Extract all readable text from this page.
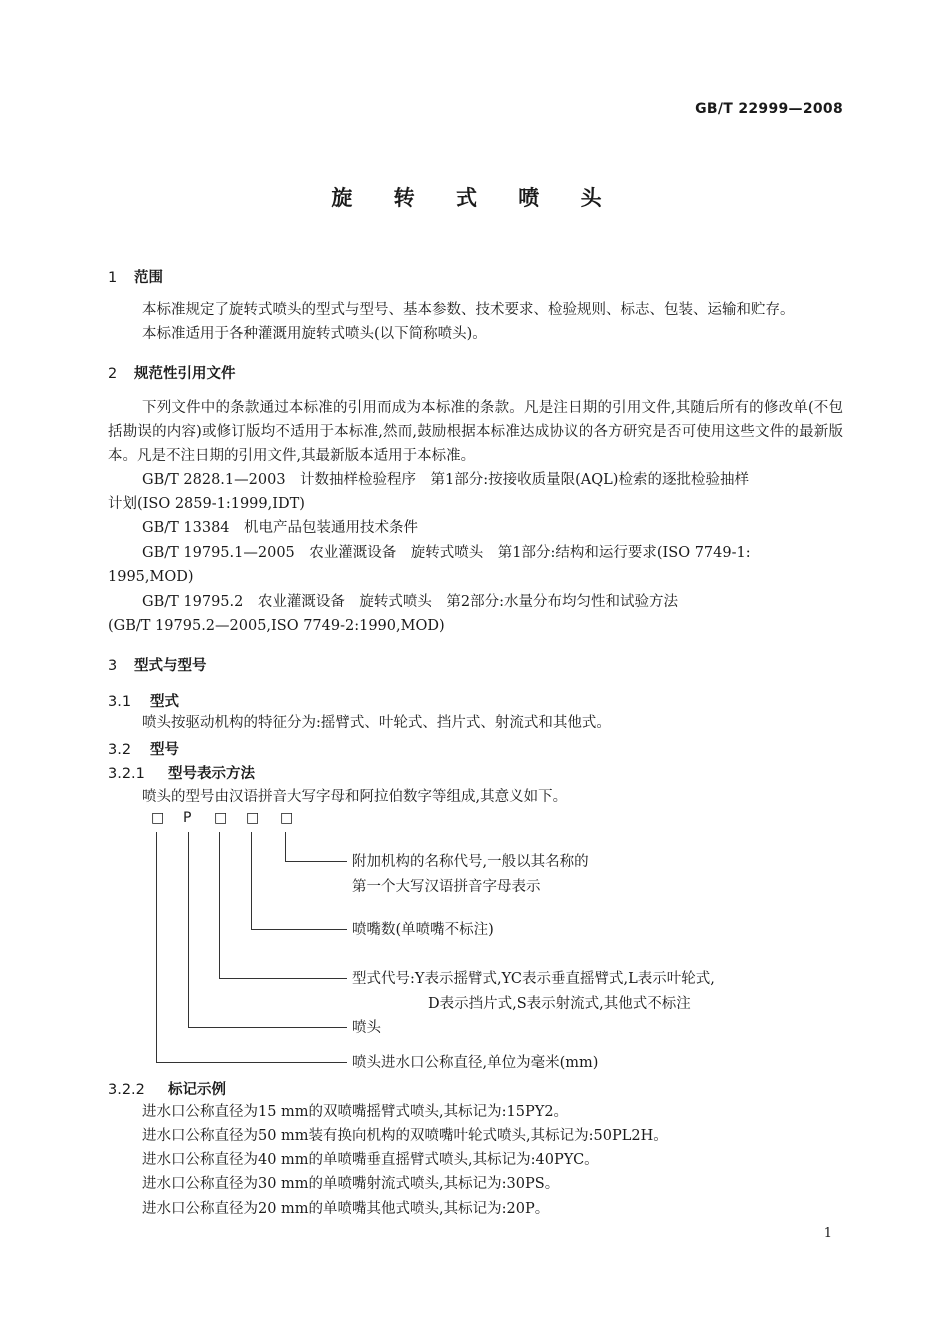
GB/T 22999—2008
旋 转 式 喷 头
1 范围
本标准规定了旋转式喷头的型式与型号、基本参数、技术要求、检验规则、标志、包装、运输和贮存。
本标准适用于各种灌溉用旋转式喷头(以下简称喷头)。
2 规范性引用文件
下列文件中的条款通过本标准的引用而成为本标准的条款。凡是注日期的引用文件,其随后所有的修改单(不包括勘误的内容)或修订版均不适用于本标准,然而,鼓励根据本标准达成协议的各方研究是否可使用这些文件的最新版本。凡是不注日期的引用文件,其最新版本适用于本标准。
GB/T 2828.1—2003　计数抽样检验程序　第1部分:按接收质量限(AQL)检索的逐批检验抽样
计划(ISO 2859-1:1999,IDT)
GB/T 13384　机电产品包装通用技术条件
GB/T 19795.1—2005　农业灌溉设备　旋转式喷头　第1部分:结构和运行要求(ISO 7749-1:
1995,MOD)
GB/T 19795.2　农业灌溉设备　旋转式喷头　第2部分:水量分布均匀性和试验方法
(GB/T 19795.2—2005,ISO 7749-2:1990,MOD)
3 型式与型号
3.1 型式
喷头按驱动机构的特征分为:摇臂式、叶轮式、挡片式、射流式和其他式。
3.2 型号
3.2.1 型号表示方法
喷头的型号由汉语拼音大写字母和阿拉伯数字等组成,其意义如下。
□ P □ □ □
附加机构的名称代号,一般以其名称的
第一个大写汉语拼音字母表示
喷嘴数(单喷嘴不标注)
型式代号:Y表示摇臂式,YC表示垂直摇臂式,L表示叶轮式,
D表示挡片式,S表示射流式,其他式不标注
喷头
喷头进水口公称直径,单位为毫米(mm)
3.2.2 标记示例
进水口公称直径为15 mm的双喷嘴摇臂式喷头,其标记为:15PY2。
进水口公称直径为50 mm装有换向机构的双喷嘴叶轮式喷头,其标记为:50PL2H。
进水口公称直径为40 mm的单喷嘴垂直摇臂式喷头,其标记为:40PYC。
进水口公称直径为30 mm的单喷嘴射流式喷头,其标记为:30PS。
进水口公称直径为20 mm的单喷嘴其他式喷头,其标记为:20P。
1
